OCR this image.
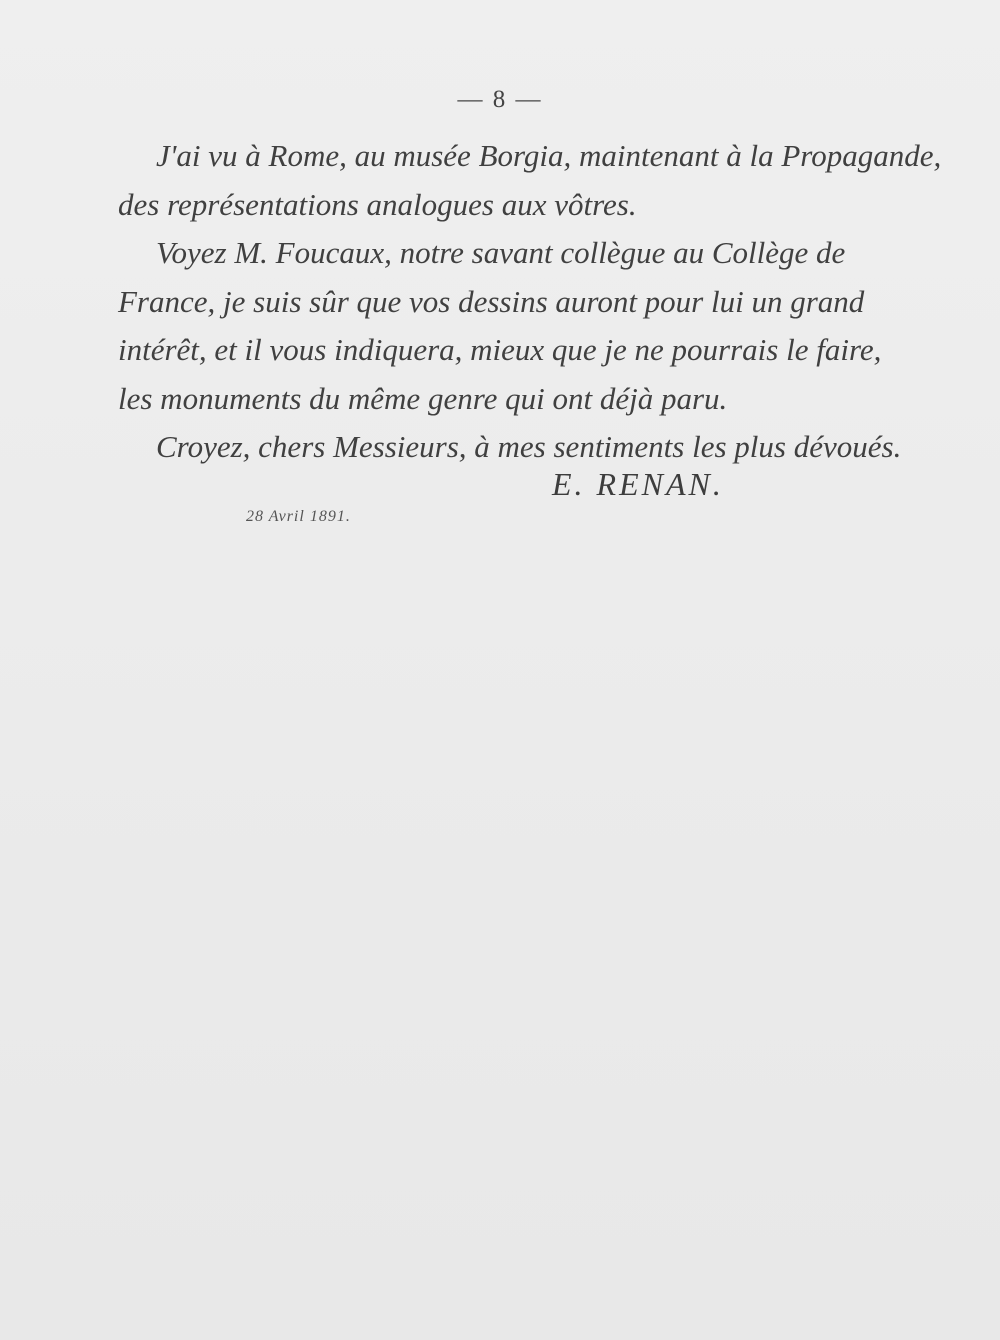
— 8 —
J'ai vu à Rome, au musée Borgia, maintenant à la Propagande,
des représentations analogues aux vôtres.
Voyez M. Foucaux, notre savant collègue au Collège de
France, je suis sûr que vos dessins auront pour lui un grand
intérêt, et il vous indiquera, mieux que je ne pourrais le faire,
les monuments du même genre qui ont déjà paru.
Croyez, chers Messieurs, à mes sentiments les plus dévoués.
E. RENAN.
28 Avril 1891.
